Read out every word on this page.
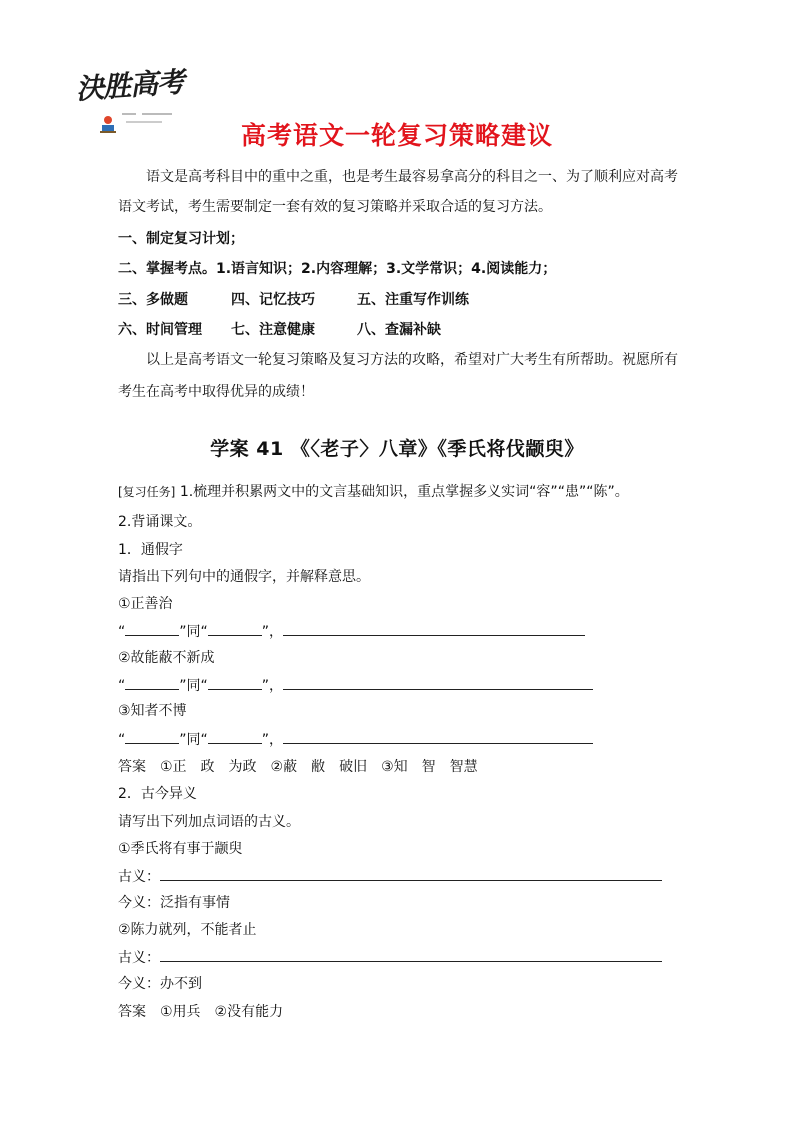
決胜高考
高考语文一轮复习策略建议
语文是高考科目中的重中之重，也是考生最容易拿高分的科目之一、为了顺利应对高考
语文考试，考生需要制定一套有效的复习策略并采取合适的复习方法。
一、制定复习计划；
二、掌握考点。1.语言知识；2.内容理解；3.文学常识；4.阅读能力；
三、多做题	四、记忆技巧	五、注重写作训练
六、时间管理 七、注意健康	八、查漏补缺
以上是高考语文一轮复习策略及复习方法的攻略，希望对广大考生有所帮助。祝愿所有
考生在高考中取得优异的成绩！
学案 41 《〈老子〉八章》《季氏将伐颛臾》
[复习任务] 1.梳理并积累两文中的文言基础知识，重点掌握多义实词“容”“患”“陈”。
2.背诵课文。
1．通假字
请指出下列句中的通假字，并解释意思。
①正善治
“	”同“	”，
②故能蔽不新成
“	”同“	”，
③知者不博
“	”同“	”，
答案　①正　政　为政　②蔽　敝　破旧　③知　智　智慧
2．古今异义
请写出下列加点词语的古义。
①季氏将有事于颛臾
古义：
今义：泛指有事情
②陈力就列，不能者止
古义：
今义：办不到
答案　①用兵　②没有能力
